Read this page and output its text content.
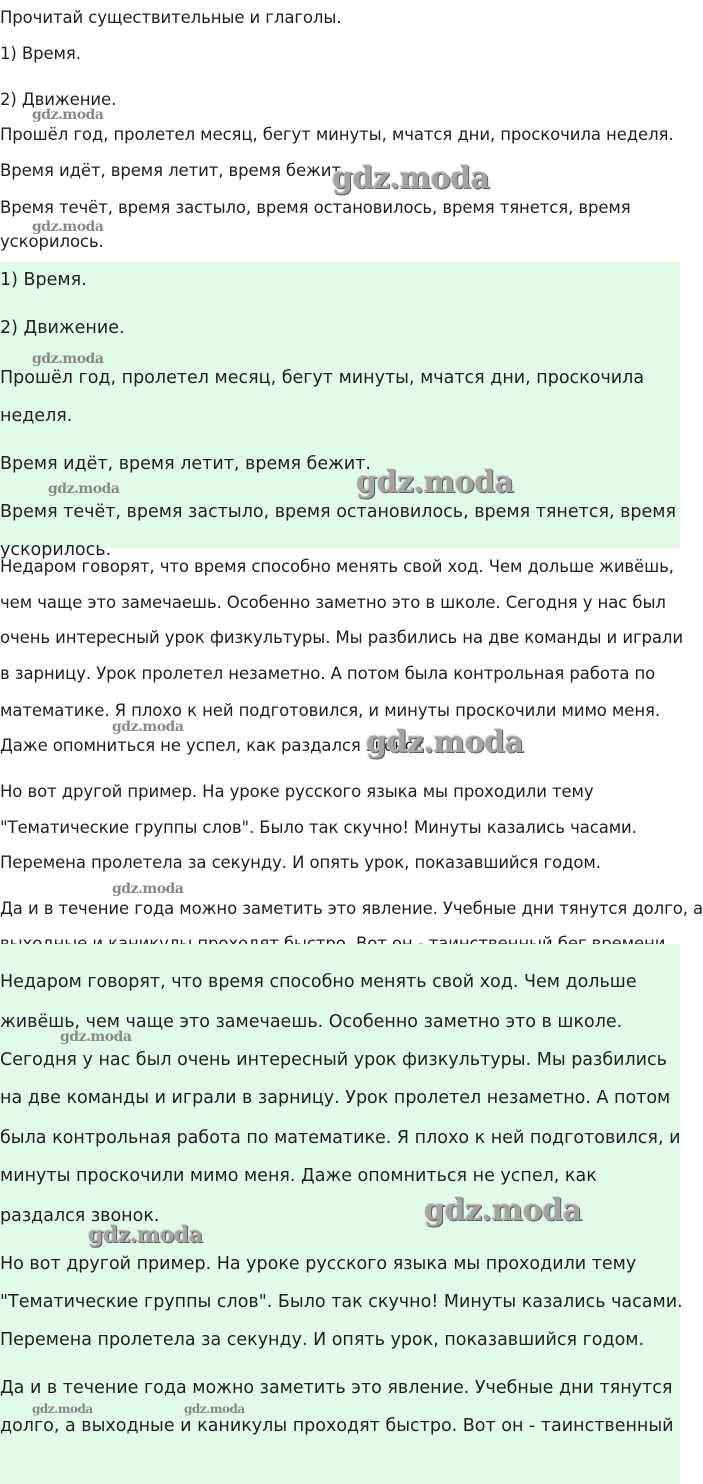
Прочитай существительные и глаголы.
1) Время.
2) Движение.
Прошёл год, пролетел месяц, бегут минуты, мчатся дни, проскочила неделя.
Время идёт, время летит, время бежит.
Время течёт, время застыло, время остановилось, время тянется, время
ускорилось.
gdz.moda
gdz.moda
gdz.moda
1) Время.
2) Движение.
Прошёл год, пролетел месяц, бегут минуты, мчатся дни, проскочила
неделя.
Время идёт, время летит, время бежит.
Время течёт, время застыло, время остановилось, время тянется, время
ускорилось.
gdz.moda
gdz.moda	gdz.moda
Недаром говорят, что время способно менять свой ход. Чем дольше живёшь,
чем чаще это замечаешь. Особенно заметно это в школе. Сегодня у нас был
очень интересный урок физкультуры. Мы разбились на две команды и играли
в зарницу. Урок пролетел незаметно. А потом была контрольная работа по
математике. Я плохо к ней подготовился, и минуты проскочили мимо меня.
Даже опомниться не успел, как раздался звонок.
Но вот другой пример. На уроке русского языка мы проходили тему
"Тематические группы слов". Было так скучно! Минуты казались часами.
Перемена пролетела за секунду. И опять урок, показавшийся годом.
Да и в течение года можно заметить это явление. Учебные дни тянутся долго, а
gdz.moda	gdz.moda
gdz.moda
Недаром говорят, что время способно менять свой ход. Чем дольше
живёшь, чем чаще это замечаешь. Особенно заметно это в школе.
Сегодня у нас был очень интересный урок физкультуры. Мы разбились
на две команды и играли в зарницу. Урок пролетел незаметно. А потом
была контрольная работа по математике. Я плохо к ней подготовился, и
минуты проскочили мимо меня. Даже опомниться не успел, как
раздался звонок.
Но вот другой пример. На уроке русского языка мы проходили тему
"Тематические группы слов". Было так скучно! Минуты казались часами.
Перемена пролетела за секунду. И опять урок, показавшийся годом.
Да и в течение года можно заметить это явление. Учебные дни тянутся
долго, а выходные и каникулы проходят быстро. Вот он - таинственный
gdz.moda
gdz.moda
gdz.moda
gdz.moda	gdz.moda
